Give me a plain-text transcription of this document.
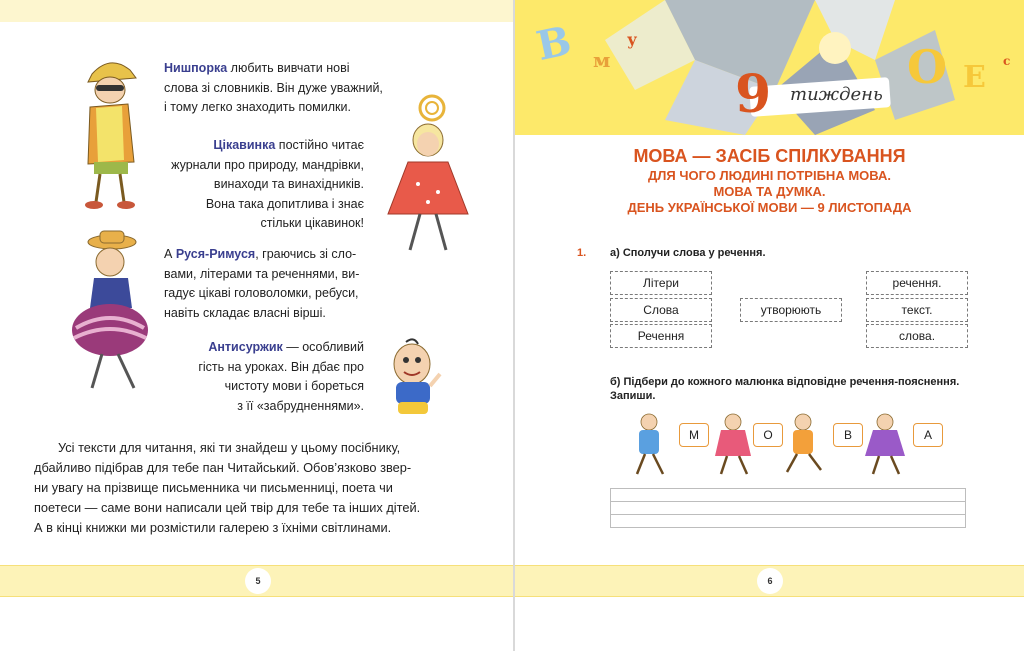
Нишпорка любить вивчати нові
слова зі словників. Він дуже уважний,
і тому легко знаходить помилки.
Цікавинка постійно читає
журнали про природу, мандрівки,
винаходи та винахідників.
Вона така допитлива і знає
стільки цікавинок!
А Руся-Римуся, граючись зі сло-
вами, літерами та реченнями, ви-
гадує цікаві головоломки, ребуси,
навіть складає власні вірші.
Антисуржик — особливий
гість на уроках. Він дбає про
чистоту мови і бореться
з її «забрудненнями».
Усі тексти для читання, які ти знайдеш у цьому посібнику,
дбайливо підібрав для тебе пан Читайський. Обов’язково звер-
ни увагу на прізвище письменника чи письменниці, поета чи
поетеси — саме вони написали цей твір для тебе та інших дітей.
А в кінці книжки ми розмістили галерею з їхніми світлинами.
5
В м
у
О Е с
9 тиждень
МОВА — ЗАСІБ СПІЛКУВАННЯ
ДЛЯ ЧОГО ЛЮДИНІ ПОТРІБНА МОВА.
МОВА ТА ДУМКА.
ДЕНЬ УКРАЇНСЬКОЇ МОВИ — 9 ЛИСТОПАДА
1. а) Сполучи слова у речення.
Літери
Слова
Речення
утворюють
речення.
текст.
слова.
б) Підбери до кожного малюнка відповідне речення-пояснення.
Запиши.
М	О	В	А
6
